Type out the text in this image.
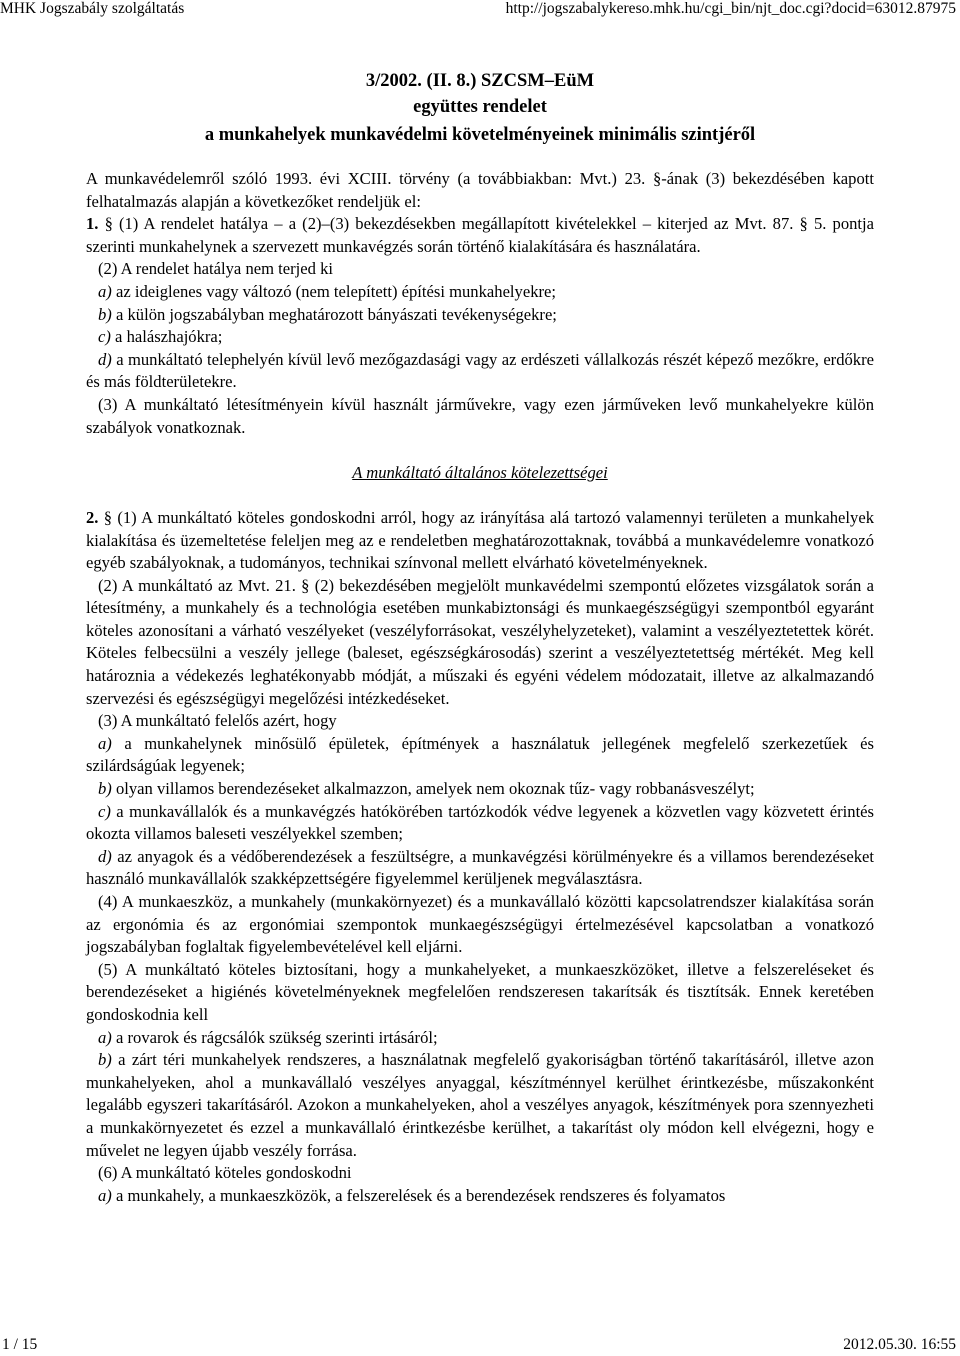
MHK Jogszabály szolgáltatás	http://jogszabalykereso.mhk.hu/cgi_bin/njt_doc.cgi?docid=63012.87975
3/2002. (II. 8.) SZCSM–EüM
együttes rendelet
a munkahelyek munkavédelmi követelményeinek minimális szintjéről

A munkavédelemről szóló 1993. évi XCIII. törvény (a továbbiakban: Mvt.) 23. §-ának (3) bekezdésében kapott felhatalmazás alapján a következőket rendeljük el:

1. § (1) A rendelet hatálya – a (2)–(3) bekezdésekben megállapított kivételekkel – kiterjed az Mvt. 87. § 5. pontja szerinti munkahelynek a szervezett munkavégzés során történő kialakítására és használatára.

(2) A rendelet hatálya nem terjed ki

a) az ideiglenes vagy változó (nem telepített) építési munkahelyekre;

b) a külön jogszabályban meghatározott bányászati tevékenységekre;

c) a halászhajókra;

d) a munkáltató telephelyén kívül levő mezőgazdasági vagy az erdészeti vállalkozás részét képező mezőkre, erdőkre és más földterületekre.

(3) A munkáltató létesítményein kívül használt járművekre, vagy ezen járműveken levő munkahelyekre külön szabályok vonatkoznak.

A munkáltató általános kötelezettségei

2. § (1) A munkáltató köteles gondoskodni arról, hogy az irányítása alá tartozó valamennyi területen a munkahelyek kialakítása és üzemeltetése feleljen meg az e rendeletben meghatározottaknak, továbbá a munkavédelemre vonatkozó egyéb szabályoknak, a tudományos, technikai színvonal mellett elvárható követelményeknek.

(2) A munkáltató az Mvt. 21. § (2) bekezdésében megjelölt munkavédelmi szempontú előzetes vizsgálatok során a létesítmény, a munkahely és a technológia esetében munkabiztonsági és munkaegészségügyi szempontból egyaránt köteles azonosítani a várható veszélyeket (veszélyforrásokat, veszélyhelyzeteket), valamint a veszélyeztetettek körét. Köteles felbecsülni a veszély jellege (baleset, egészségkárosodás) szerint a veszélyeztetettség mértékét. Meg kell határoznia a védekezés leghatékonyabb módját, a műszaki és egyéni védelem módozatait, illetve az alkalmazandó szervezési és egészségügyi megelőzési intézkedéseket.

(3) A munkáltató felelős azért, hogy

a) a munkahelynek minősülő épületek, építmények a használatuk jellegének megfelelő szerkezetűek és szilárdságúak legyenek;

b) olyan villamos berendezéseket alkalmazzon, amelyek nem okoznak tűz- vagy robbanásveszélyt;

c) a munkavállalók és a munkavégzés hatókörében tartózkodók védve legyenek a közvetlen vagy közvetett érintés okozta villamos baleseti veszélyekkel szemben;

d) az anyagok és a védőberendezések a feszültségre, a munkavégzési körülményekre és a villamos berendezéseket használó munkavállalók szakképzettségére figyelemmel kerüljenek megválasztásra.

(4) A munkaeszköz, a munkahely (munkakörnyezet) és a munkavállaló közötti kapcsolatrendszer kialakítása során az ergonómia és az ergonómiai szempontok munkaegészségügyi értelmezésével kapcsolatban a vonatkozó jogszabályban foglaltak figyelembevételével kell eljárni.

(5) A munkáltató köteles biztosítani, hogy a munkahelyeket, a munkaeszközöket, illetve a felszereléseket és berendezéseket a higiénés követelményeknek megfelelően rendszeresen takarítsák és tisztítsák. Ennek keretében gondoskodnia kell

a) a rovarok és rágcsálók szükség szerinti irtásáról;

b) a zárt téri munkahelyek rendszeres, a használatnak megfelelő gyakoriságban történő takarításáról, illetve azon munkahelyeken, ahol a munkavállaló veszélyes anyaggal, készítménnyel kerülhet érintkezésbe, műszakonként legalább egyszeri takarításáról. Azokon a munkahelyeken, ahol a veszélyes anyagok, készítmények pora szennyezheti a munkakörnyezetet és ezzel a munkavállaló érintkezésbe kerülhet, a takarítást oly módon kell elvégezni, hogy e művelet ne legyen újabb veszély forrása.

(6) A munkáltató köteles gondoskodni

a) a munkahely, a munkaeszközök, a felszerelések és a berendezések rendszeres és folyamatos

1 / 15	2012.05.30. 16:55
